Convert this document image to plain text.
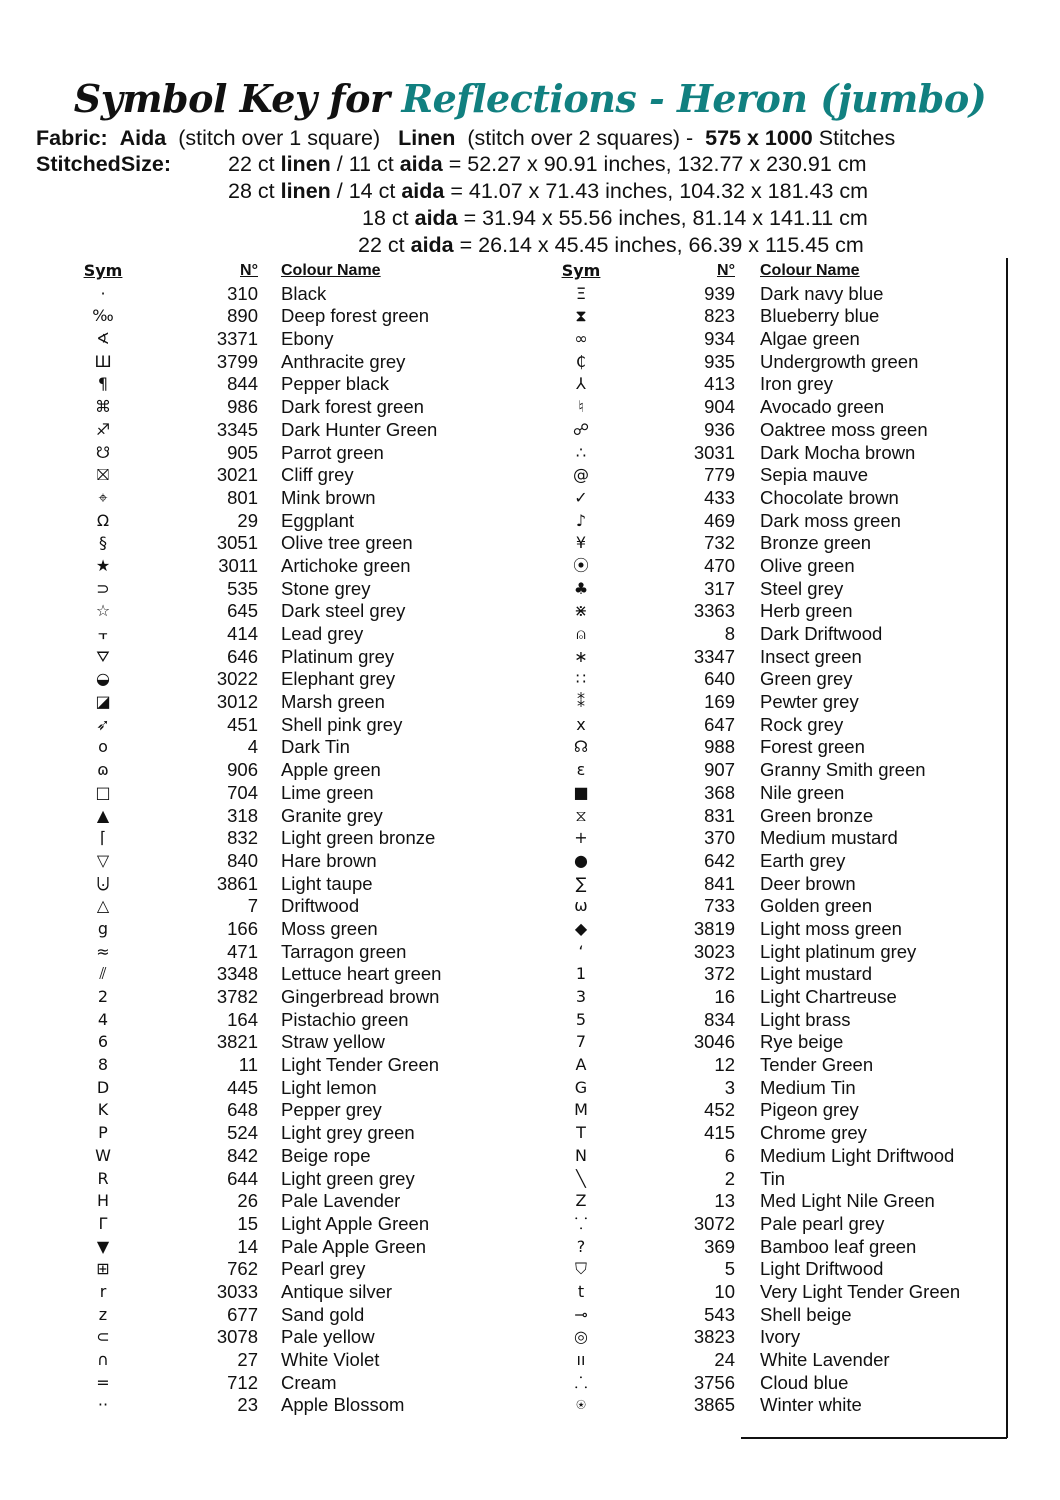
Symbol Key for Reflections - Heron (jumbo)
Fabric: Aida (stitch over 1 square) Linen (stitch over 2 squares) - 575 x 1000 Stitches
StitchedSize:	22 ct linen / 11 ct aida = 52.27 x 90.91 inches, 132.77 x 230.91 cm
28 ct linen / 14 ct aida = 41.07 x 71.43 inches, 104.32 x 181.43 cm
18 ct aida = 31.94 x 55.56 inches, 81.14 x 141.11 cm
22 ct aida = 26.14 x 45.45 inches, 66.39 x 115.45 cm
Sym	N° Colour Name
·	310 Black
‰	890 Deep forest green
∢	3371 Ebony
Ш	3799 Anthracite grey
¶	844 Pepper black
⌘	986 Dark forest green
♐	3345 Dark Hunter Green
☋	905 Parrot green
⛝	3021 Cliff grey
⌖	801 Mink brown
Ω	29 Eggplant
§	3051 Olive tree green
★	3011 Artichoke green
⊃	535 Stone grey
☆	645 Dark steel grey
⫟	414 Lead grey
⛛	646 Platinum grey
◒	3022 Elephant grey
◪	3012 Marsh green
➶	451 Shell pink grey
o	4 Dark Tin
ɷ	906 Apple green
□	704 Lime green
▲	318 Granite grey
⌈	832 Light green bronze
▽	840 Hare brown
⨃	3861 Light taupe
△	7 Driftwood
g	166 Moss green
≈	471 Tarragon green
⫽	3348 Lettuce heart green
2	3782 Gingerbread brown
4	164 Pistachio green
6	3821 Straw yellow
8	11 Light Tender Green
D	445 Light lemon
K	648 Pepper grey
P	524 Light grey green
W	842 Beige rope
R	644 Light green grey
H	26 Pale Lavender
Γ	15 Light Apple Green
▼	14 Pale Apple Green
⊞	762 Pearl grey
r	3033 Antique silver
z	677 Sand gold
⊂	3078 Pale yellow
∩	27 White Violet
=	712 Cream
··	23 Apple Blossom
Sym	N° Colour Name
Ξ	939 Dark navy blue
⧗	823 Blueberry blue
∞	934 Algae green
₵	935 Undergrowth green
⅄	413 Iron grey
♮	904 Avocado green
☍	936 Oaktree moss green
∴	3031 Dark Mocha brown
@	779 Sepia mauve
✓	433 Chocolate brown
♪	469 Dark moss green
¥	732 Bronze green
⦿	470 Olive green
♣	317 Steel grey
⋇	3363 Herb green
⍝	8 Dark Driftwood
∗	3347 Insect green
∷	640 Green grey
⁑	169 Pewter grey
x	647 Rock grey
☊	988 Forest green
ɛ	907 Granny Smith green
■	368 Nile green
⧖	831 Green bronze
+	370 Medium mustard
●	642 Earth grey
∑	841 Deer brown
ω	733 Golden green
◆	3819 Light moss green
‘	3023 Light platinum grey
1	372 Light mustard
3	16 Light Chartreuse
5	834 Light brass
7	3046 Rye beige
A	12 Tender Green
G	3 Medium Tin
M	452 Pigeon grey
T	415 Chrome grey
N	6 Medium Light Driftwood
╲	2 Tin
Z	13 Med Light Nile Green
⸪	3072 Pale pearl grey
?	369 Bamboo leaf green
⛉	5 Light Driftwood
t	10 Very Light Tender Green
⊸	543 Shell beige
◎	3823 Ivory
ıı	24 White Lavender
⸫	3756 Cloud blue
⍟	3865 Winter white
